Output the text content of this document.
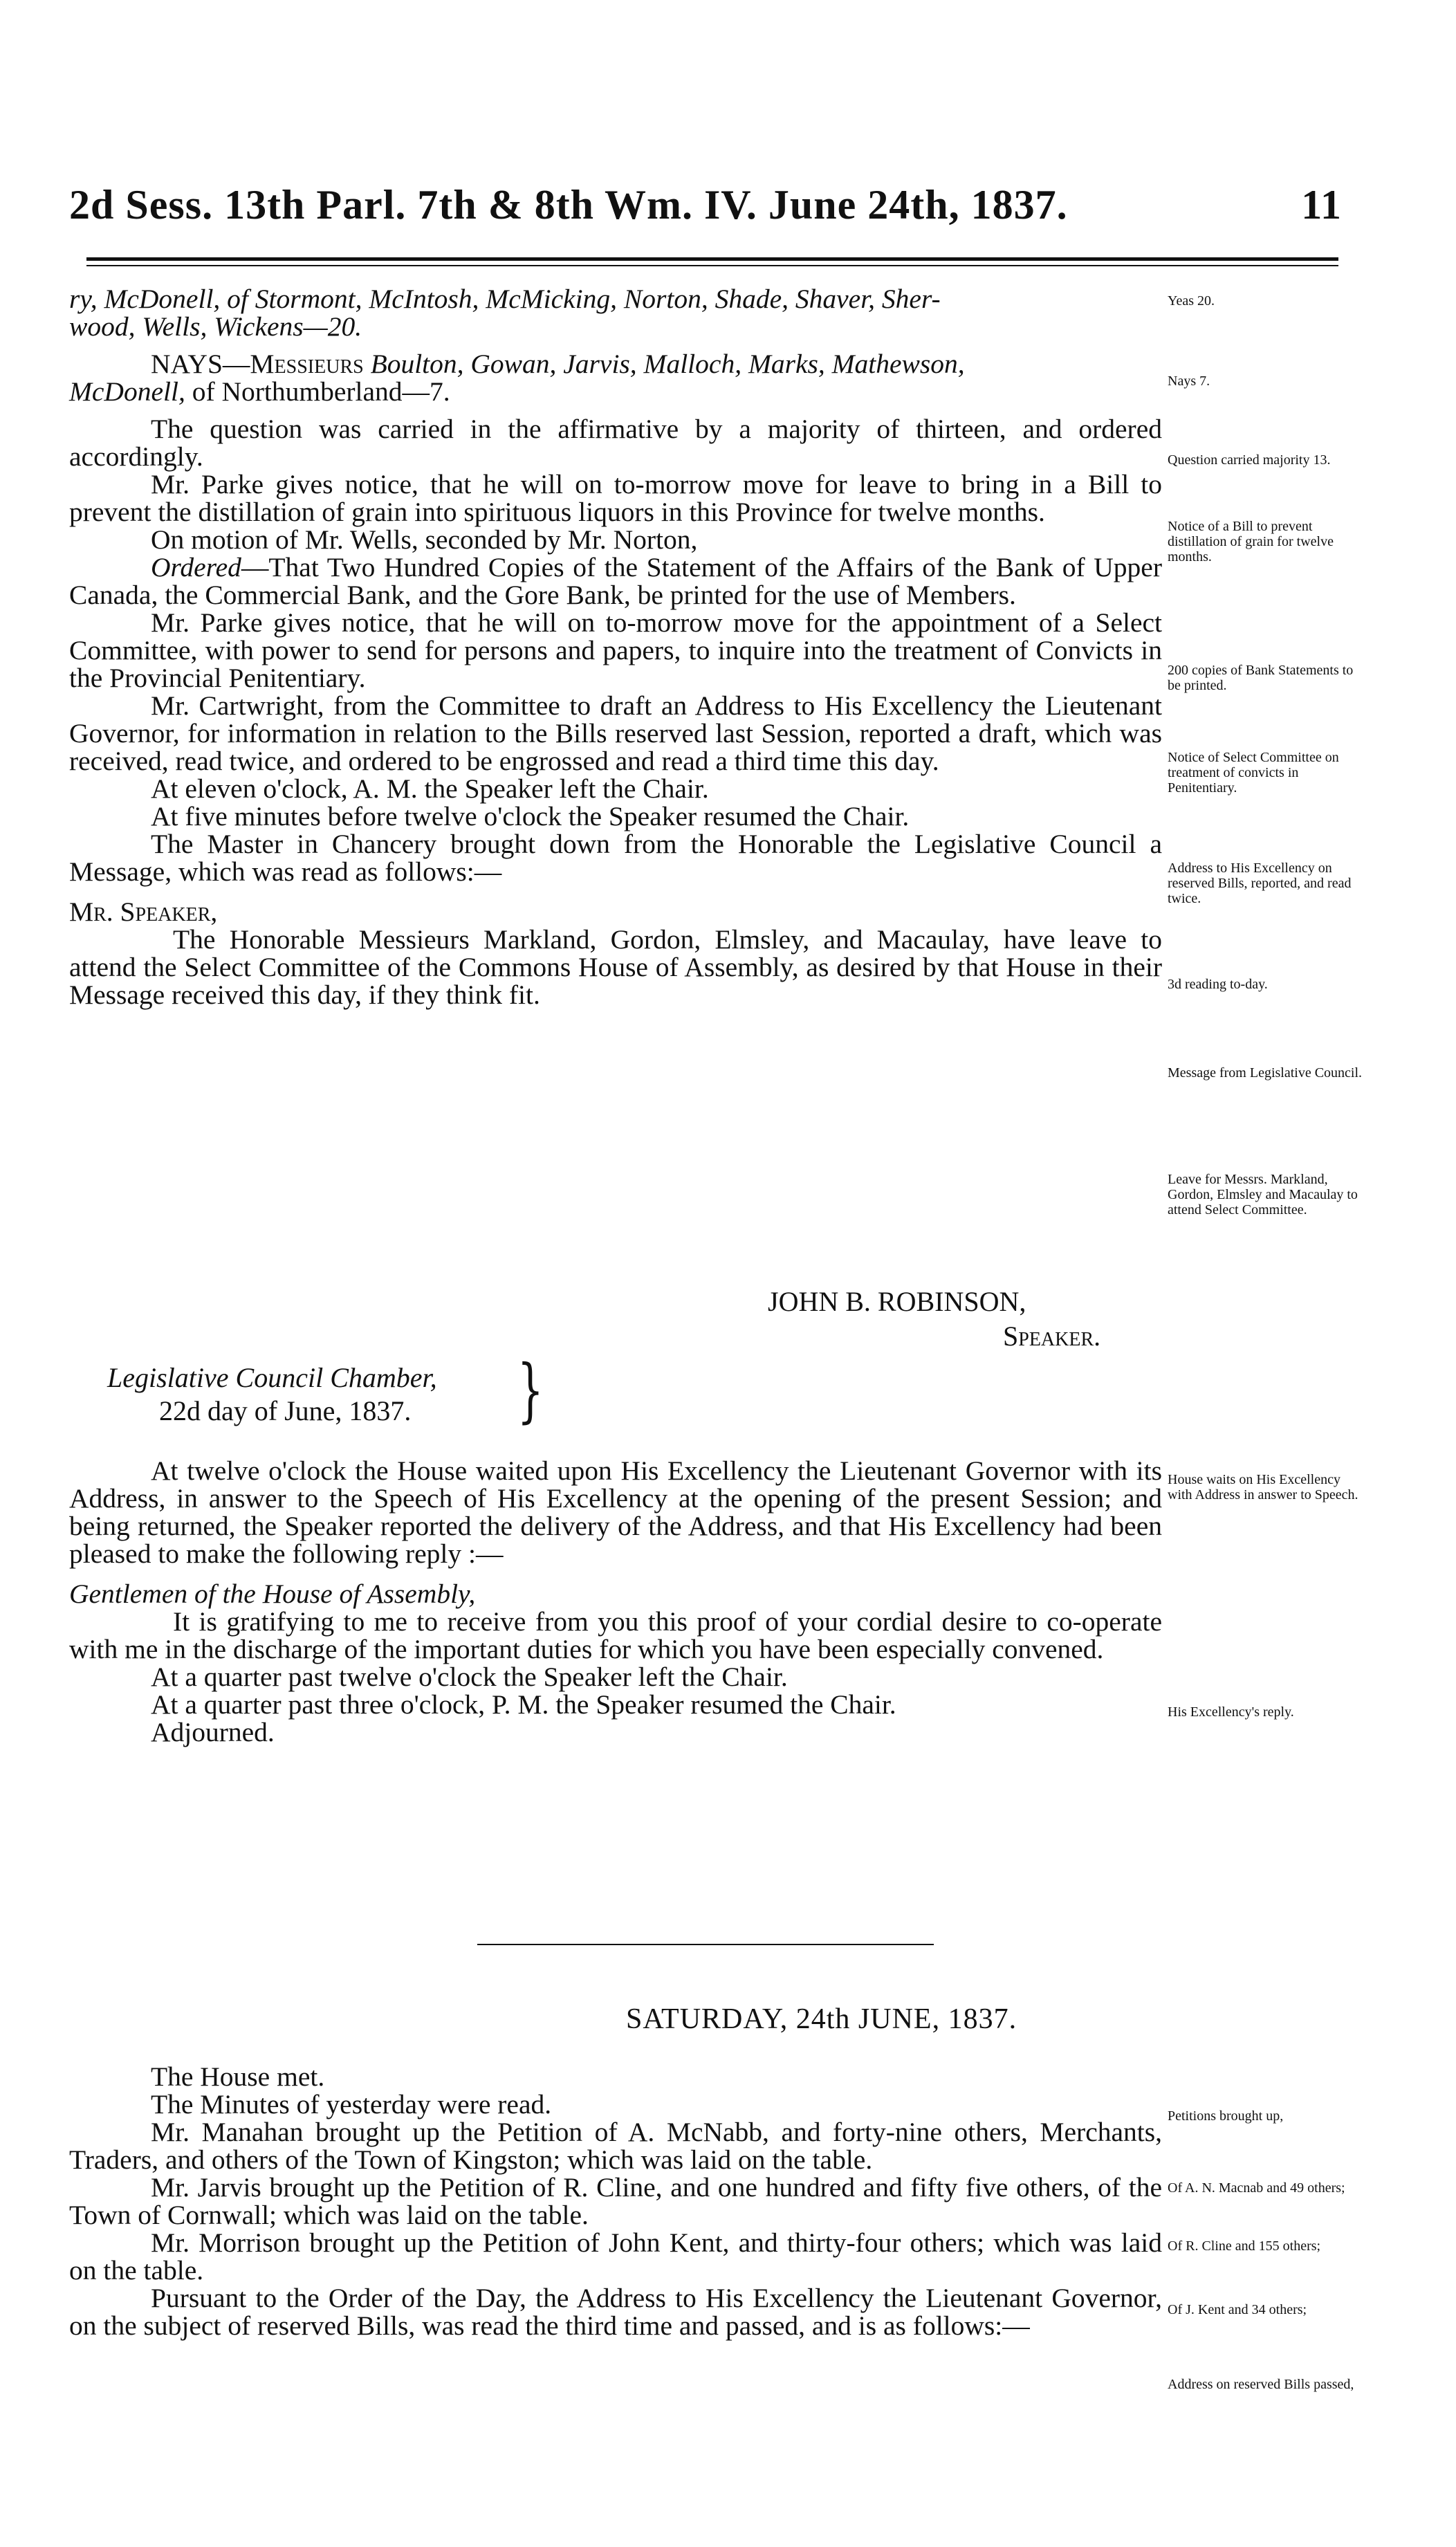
2d Sess. 13th Parl. 7th & 8th Wm. IV. June 24th, 1837.	11

ry, McDonell, of Stormont, McIntosh, McMicking, Norton, Shade, Shaver, Sher-

wood, Wells, Wickens—20.

NAYS—Messieurs Boulton, Gowan, Jarvis, Malloch, Marks, Mathewson,
McDonell, of Northumberland—7.

The question was carried in the affirmative by a majority of thirteen, and ordered accordingly.

Mr. Parke gives notice, that he will on to-morrow move for leave to bring in a Bill to prevent the distillation of grain into spirituous liquors in this Province for twelve months.

On motion of Mr. Wells, seconded by Mr. Norton,

Ordered—That Two Hundred Copies of the Statement of the Affairs of the Bank of Upper Canada, the Commercial Bank, and the Gore Bank, be printed for the use of Members.

Mr. Parke gives notice, that he will on to-morrow move for the appointment of a Select Committee, with power to send for persons and papers, to inquire into the treatment of Convicts in the Provincial Penitentiary.

Mr. Cartwright, from the Committee to draft an Address to His Excellency the Lieutenant Governor, for information in relation to the Bills reserved last Session, reported a draft, which was received, read twice, and ordered to be engrossed and read a third time this day.

At eleven o'clock, A. M. the Speaker left the Chair.

At five minutes before twelve o'clock the Speaker resumed the Chair.

The Master in Chancery brought down from the Honorable the Legislative Council a Message, which was read as follows:—

Mr. Speaker,

The Honorable Messieurs Markland, Gordon, Elmsley, and Macaulay, have leave to attend the Select Committee of the Commons House of Assembly, as desired by that House in their Message received this day, if they think fit.

JOHN B. ROBINSON,
Speaker.
Legislative Council Chamber,
22d day of June, 1837. }

At twelve o'clock the House waited upon His Excellency the Lieutenant Governor with its Address, in answer to the Speech of His Excellency at the opening of the present Session; and being returned, the Speaker reported the delivery of the Address, and that His Excellency had been pleased to make the following reply :—

Gentlemen of the House of Assembly,

It is gratifying to me to receive from you this proof of your cordial desire to co-operate with me in the discharge of the important duties for which you have been especially convened.

At a quarter past twelve o'clock the Speaker left the Chair.

At a quarter past three o'clock, P. M. the Speaker resumed the Chair.

Adjourned.

SATURDAY, 24th JUNE, 1837.

The House met.

The Minutes of yesterday were read.

Mr. Manahan brought up the Petition of A. McNabb, and forty-nine others, Merchants, Traders, and others of the Town of Kingston; which was laid on the table.

Mr. Jarvis brought up the Petition of R. Cline, and one hundred and fifty five others, of the Town of Cornwall; which was laid on the table.

Mr. Morrison brought up the Petition of John Kent, and thirty-four others; which was laid on the table.

Pursuant to the Order of the Day, the Address to His Excellency the Lieutenant Governor, on the subject of reserved Bills, was read the third time and passed, and is as follows:—

Yeas 20.
Nays 7.
Question carried majority 13.
Notice of a Bill to prevent distillation of grain for twelve months.
200 copies of Bank Statements to be printed.
Notice of Select Committee on treatment of convicts in Penitentiary.
Address to His Excellency on reserved Bills, reported, and read twice.
3d reading to-day.
Message from Legislative Council.
Leave for Messrs. Markland, Gordon, Elmsley and Macaulay to attend Select Committee.
House waits on His Excellency with Address in answer to Speech.
His Excellency's reply.
Petitions brought up,
Of A. N. Macnab and 49 others;
Of R. Cline and 155 others;
Of J. Kent and 34 others;
Address on reserved Bills passed,
